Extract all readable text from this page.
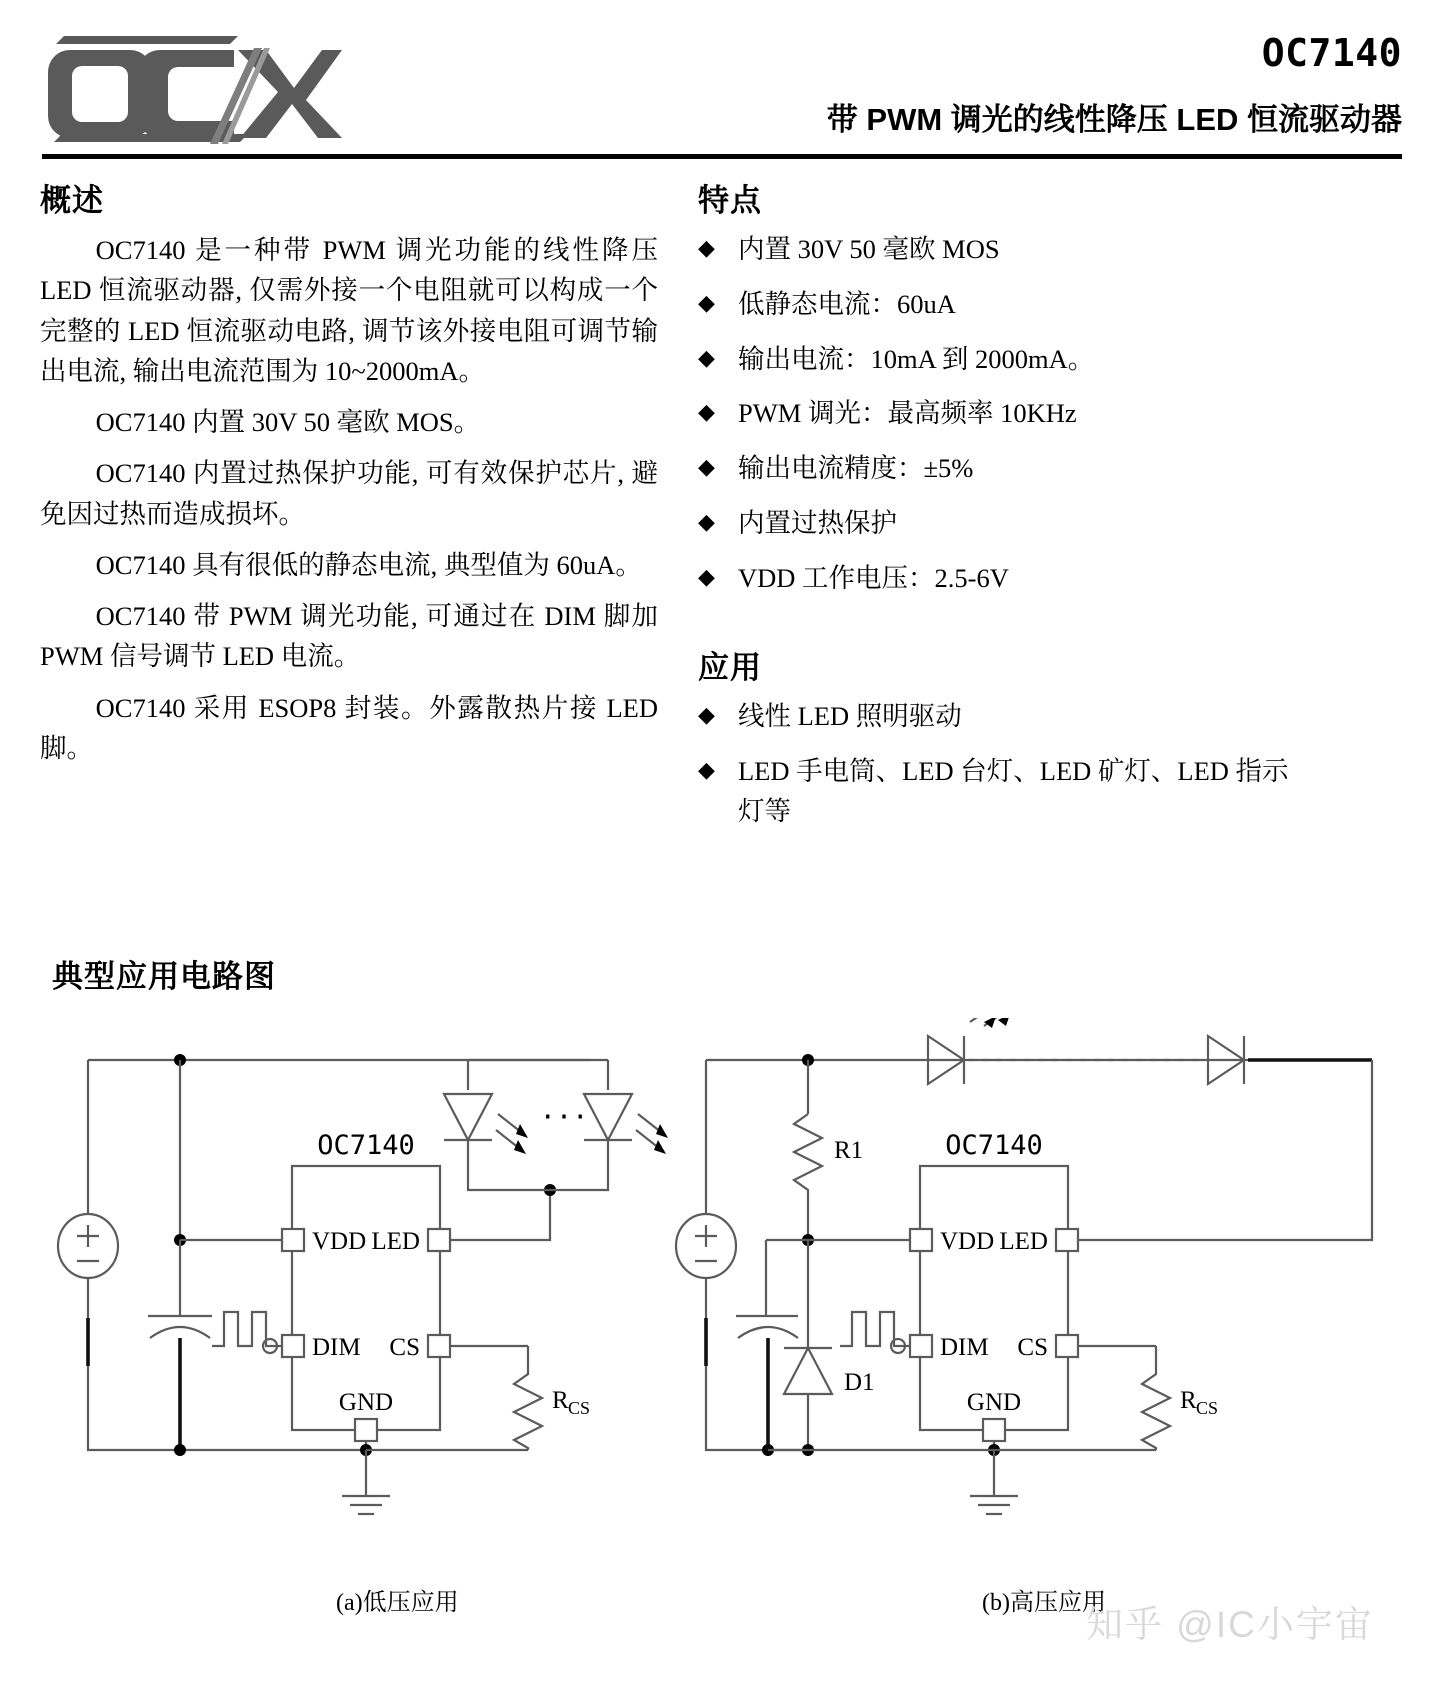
OC7140
带 PWM 调光的线性降压 LED 恒流驱动器
概述

OC7140 是一种带 PWM 调光功能的线性降压 LED 恒流驱动器, 仅需外接一个电阻就可以构成一个完整的 LED 恒流驱动电路, 调节该外接电阻可调节输出电流, 输出电流范围为 10~2000mA。

OC7140 内置 30V 50 毫欧 MOS。

OC7140 内置过热保护功能, 可有效保护芯片, 避免因过热而造成损坏。

OC7140 具有很低的静态电流, 典型值为 60uA。

OC7140 带 PWM 调光功能, 可通过在 DIM 脚加 PWM 信号调节 LED 电流。

OC7140 采用 ESOP8 封装。外露散热片接 LED 脚。

特点
◆ 内置 30V 50 毫欧 MOS
◆ 低静态电流：60uA
◆ 输出电流：10mA 到 2000mA。
◆ PWM 调光：最高频率 10KHz
◆ 输出电流精度：±5%
◆ 内置过热保护
◆ VDD 工作电压：2.5-6V
应用
◆ 线性 LED 照明驱动
◆ LED 手电筒、LED 台灯、LED 矿灯、LED 指示灯等
典型应用电路图
OC7140
VDD
DIM
LED
CS
GND
···
R CS
R1
D1
OC7140
VDD
DIM
LED
CS
GND	R CS
(a)低压应用	(b)高压应用
知乎 @IC小宇宙
